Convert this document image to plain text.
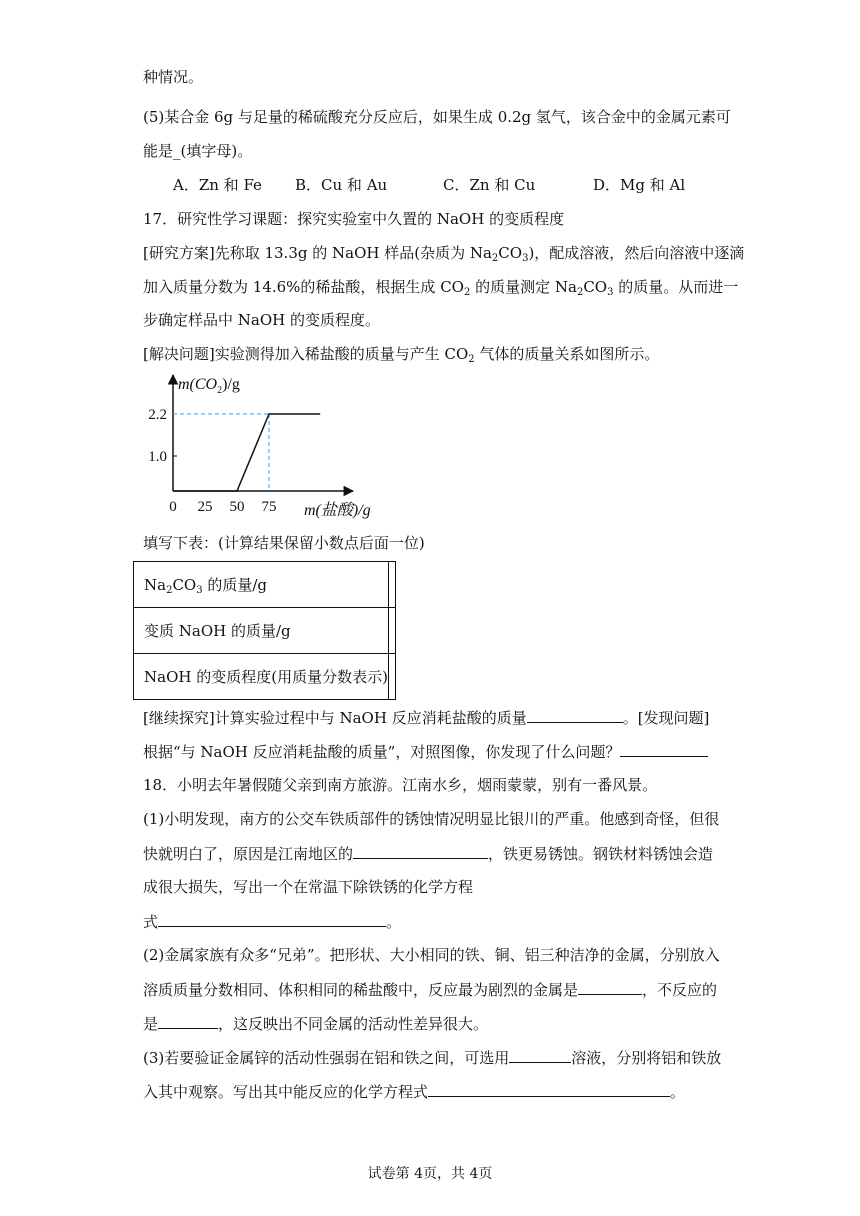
种情况。
(5)某合金 6g 与足量的稀硫酸充分反应后，如果生成 0.2g 氢气，该合金中的金属元素可
能是_(填字母)。
A．Zn 和 Fe B．Cu 和 Au	C．Zn 和 Cu	D．Mg 和 Al
17．研究性学习课题：探究实验室中久置的 NaOH 的变质程度
[研究方案]先称取 13.3g 的 NaOH 样品(杂质为 $Na_2CO_3$)，配成溶液，然后向溶液中逐滴
加入质量分数为 14.6%的稀盐酸，根据生成 $CO_2$ 的质量测定 $Na_2CO_3$ 的质量。从而进一
步确定样品中 NaOH 的变质程度。
[解决问题]实验测得加入稀盐酸的质量与产生 $CO_2$ 气体的质量关系如图所示。
$m(CO_2)/g$
m(盐酸)/g
0 25 50 75
1.0
2.2
填写下表：(计算结果保留小数点后面一位)
$Na_2CO_3$ 的质量/g	
变质 NaOH 的质量/g	
NaOH 的变质程度(用质量分数表示)	
[继续探究]计算实验过程中与 NaOH 反应消耗盐酸的质量	。[发现问题]
根据“与 NaOH 反应消耗盐酸的质量”，对照图像，你发现了什么问题？
18．小明去年暑假随父亲到南方旅游。江南水乡，烟雨蒙蒙，别有一番风景。
(1)小明发现，南方的公交车铁质部件的锈蚀情况明显比银川的严重。他感到奇怪，但很
快就明白了，原因是江南地区的	，铁更易锈蚀。钢铁材料锈蚀会造
成很大损失，写出一个在常温下除铁锈的化学方程
式	。
(2)金属家族有众多“兄弟”。把形状、大小相同的铁、铜、铝三种洁净的金属，分别放入
溶质质量分数相同、体积相同的稀盐酸中，反应最为剧烈的金属是	，不反应的
是	，这反映出不同金属的活动性差异很大。
(3)若要验证金属锌的活动性强弱在铝和铁之间，可选用	溶液，分别将铝和铁放
入其中观察。写出其中能反应的化学方程式	。
试卷第 4页，共 4页
